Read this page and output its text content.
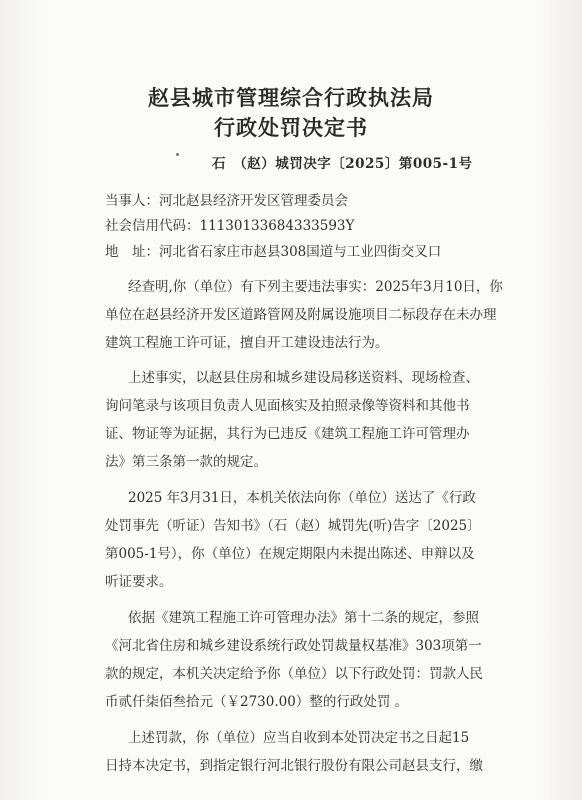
赵县城市管理综合行政执法局
行政处罚决定书
石　（赵）城罚决字〔2025〕第005-1号
当事人：河北赵县经济开发区管理委员会
社会信用代码：11130133684333593Y
地　址：河北省石家庄市赵县308国道与工业四街交叉口
经查明,你（单位）有下列主要违法事实：2025年3月10日，你
单位在赵县经济开发区道路管网及附属设施项目二标段存在未办理
建筑工程施工许可证，擅自开工建设违法行为。
上述事实，以赵县住房和城乡建设局移送资料、现场检查、
询问笔录与该项目负责人见面核实及拍照录像等资料和其他书
证、物证等为证据，其行为已违反《建筑工程施工许可管理办
法》第三条第一款的规定。
2025 年3月31日，本机关依法向你（单位）送达了《行政
处罚事先（听证）告知书》（石（赵）城罚先(听)告字〔2025〕
第005-1号），你（单位）在规定期限内未提出陈述、申辩以及
听证要求。
依据《建筑工程施工许可管理办法》第十二条的规定，参照
《河北省住房和城乡建设系统行政处罚裁量权基准》303项第一
款的规定，本机关决定给予你（单位）以下行政处罚：罚款人民
币贰仟柒佰叁拾元（￥2730.00）整的行政处罚 。
上述罚款，你（单位）应当自收到本处罚决定书之日起15
日持本决定书，到指定银行河北银行股份有限公司赵县支行，缴
